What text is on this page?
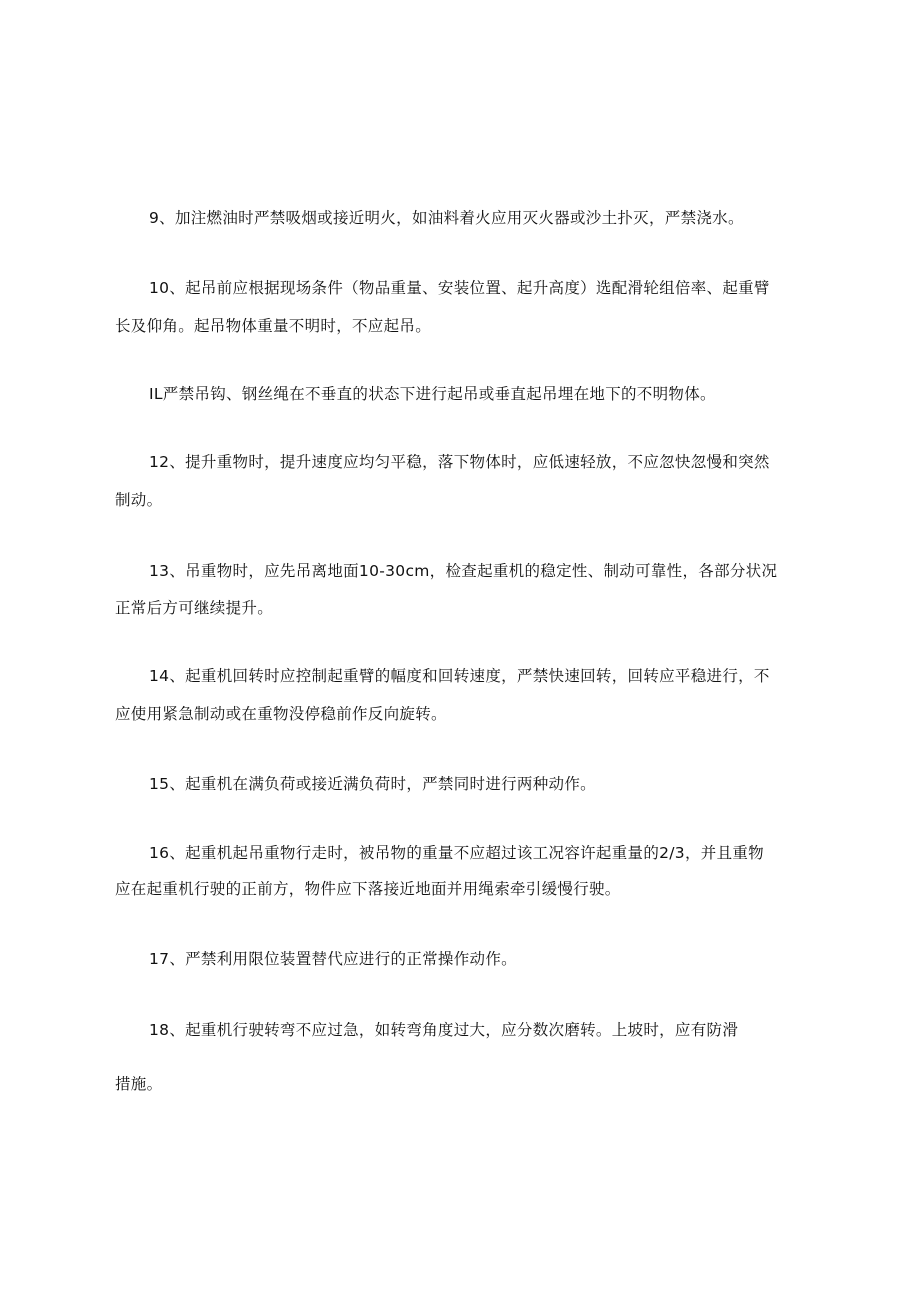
9、加注燃油时严禁吸烟或接近明火，如油料着火应用灭火器或沙土扑灭，严禁浇水。

10、起吊前应根据现场条件（物品重量、安装位置、起升高度）选配滑轮组倍率、起重臂

长及仰角。起吊物体重量不明时，不应起吊。

IL严禁吊钩、钢丝绳在不垂直的状态下进行起吊或垂直起吊埋在地下的不明物体。

12、提升重物时，提升速度应均匀平稳，落下物体时，应低速轻放，不应忽快忽慢和突然

制动。

13、吊重物时，应先吊离地面10-30cm，检查起重机的稳定性、制动可靠性，各部分状况

正常后方可继续提升。

14、起重机回转时应控制起重臂的幅度和回转速度，严禁快速回转，回转应平稳进行，不

应使用紧急制动或在重物没停稳前作反向旋转。

15、起重机在满负荷或接近满负荷时，严禁同时进行两种动作。

16、起重机起吊重物行走时，被吊物的重量不应超过该工况容许起重量的2/3，并且重物

应在起重机行驶的正前方，物件应下落接近地面并用绳索牵引缓慢行驶。

17、严禁利用限位装置替代应进行的正常操作动作。

18、起重机行驶转弯不应过急，如转弯角度过大，应分数次磨转。上坡时，应有防滑

措施。
